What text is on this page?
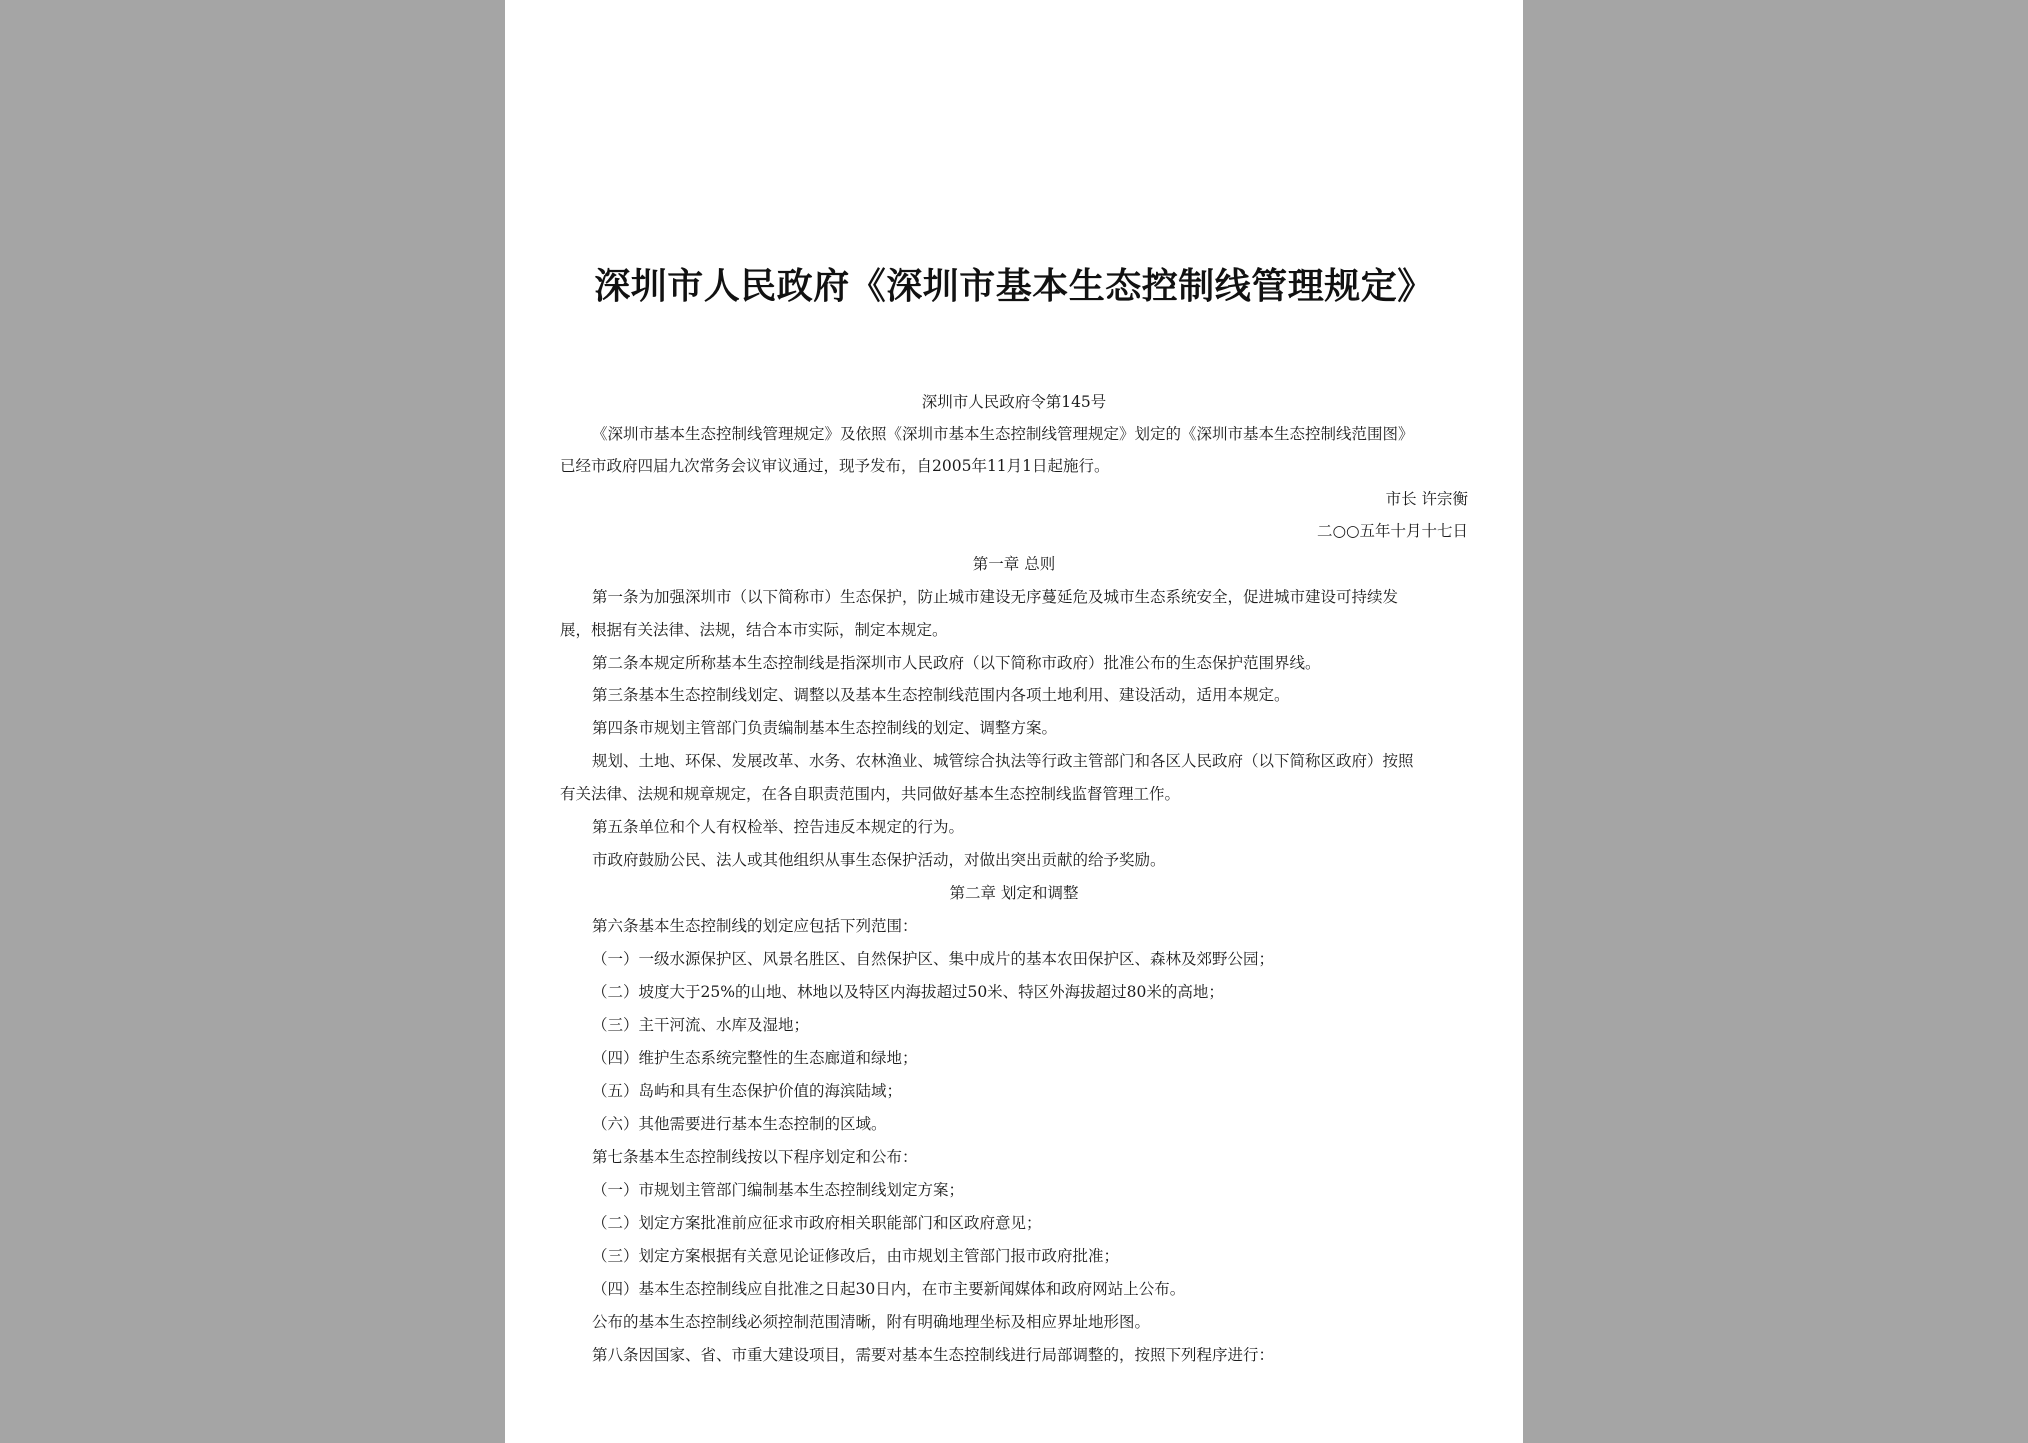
深圳市人民政府《深圳市基本生态控制线管理规定》
深圳市人民政府令第145号
《深圳市基本生态控制线管理规定》及依照《深圳市基本生态控制线管理规定》划定的《深圳市基本生态控制线范围图》
已经市政府四届九次常务会议审议通过，现予发布，自2005年11月1日起施行。
市长 许宗衡
二○○五年十月十七日
第一章 总则
第一条为加强深圳市（以下简称市）生态保护，防止城市建设无序蔓延危及城市生态系统安全，促进城市建设可持续发
展，根据有关法律、法规，结合本市实际，制定本规定。
第二条本规定所称基本生态控制线是指深圳市人民政府（以下简称市政府）批准公布的生态保护范围界线。
第三条基本生态控制线划定、调整以及基本生态控制线范围内各项土地利用、建设活动，适用本规定。
第四条市规划主管部门负责编制基本生态控制线的划定、调整方案。
规划、土地、环保、发展改革、水务、农林渔业、城管综合执法等行政主管部门和各区人民政府（以下简称区政府）按照
有关法律、法规和规章规定，在各自职责范围内，共同做好基本生态控制线监督管理工作。
第五条单位和个人有权检举、控告违反本规定的行为。
市政府鼓励公民、法人或其他组织从事生态保护活动，对做出突出贡献的给予奖励。
第二章 划定和调整
第六条基本生态控制线的划定应包括下列范围：
（一）一级水源保护区、风景名胜区、自然保护区、集中成片的基本农田保护区、森林及郊野公园；
（二）坡度大于25%的山地、林地以及特区内海拔超过50米、特区外海拔超过80米的高地；
（三）主干河流、水库及湿地；
（四）维护生态系统完整性的生态廊道和绿地；
（五）岛屿和具有生态保护价值的海滨陆域；
（六）其他需要进行基本生态控制的区域。
第七条基本生态控制线按以下程序划定和公布：
（一）市规划主管部门编制基本生态控制线划定方案；
（二）划定方案批准前应征求市政府相关职能部门和区政府意见；
（三）划定方案根据有关意见论证修改后，由市规划主管部门报市政府批准；
（四）基本生态控制线应自批准之日起30日内，在市主要新闻媒体和政府网站上公布。
公布的基本生态控制线必须控制范围清晰，附有明确地理坐标及相应界址地形图。
第八条因国家、省、市重大建设项目，需要对基本生态控制线进行局部调整的，按照下列程序进行：
